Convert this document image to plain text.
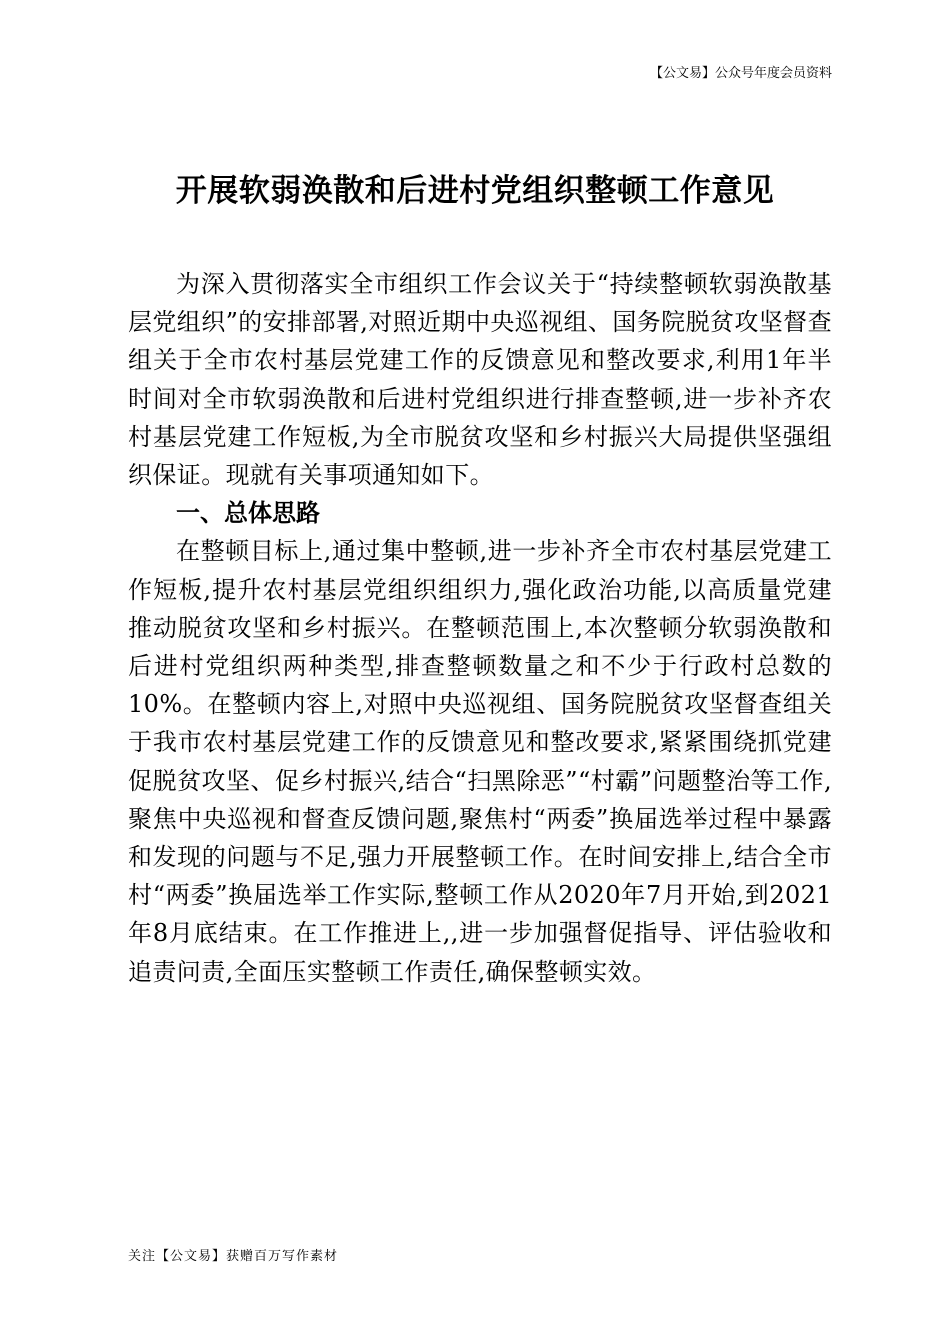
【公文易】公众号年度会员资料
开展软弱涣散和后进村党组织整顿工作意见

为深入贯彻落实全市组织工作会议关于“持续整顿软弱涣散基层党组织”的安排部署,对照近期中央巡视组、国务院脱贫攻坚督查组关于全市农村基层党建工作的反馈意见和整改要求,利用1年半时间对全市软弱涣散和后进村党组织进行排查整顿,进一步补齐农村基层党建工作短板,为全市脱贫攻坚和乡村振兴大局提供坚强组织保证。现就有关事项通知如下。

一、总体思路

在整顿目标上,通过集中整顿,进一步补齐全市农村基层党建工作短板,提升农村基层党组织组织力,强化政治功能,以高质量党建推动脱贫攻坚和乡村振兴。在整顿范围上,本次整顿分软弱涣散和后进村党组织两种类型,排查整顿数量之和不少于行政村总数的10%。在整顿内容上,对照中央巡视组、国务院脱贫攻坚督查组关于我市农村基层党建工作的反馈意见和整改要求,紧紧围绕抓党建促脱贫攻坚、促乡村振兴,结合“扫黑除恶”“村霸”问题整治等工作,聚焦中央巡视和督查反馈问题,聚焦村“两委”换届选举过程中暴露和发现的问题与不足,强力开展整顿工作。在时间安排上,结合全市村“两委”换届选举工作实际,整顿工作从2020年7月开始,到2021年8月底结束。在工作推进上,,进一步加强督促指导、评估验收和追责问责,全面压实整顿工作责任,确保整顿实效。

关注【公文易】获赠百万写作素材
